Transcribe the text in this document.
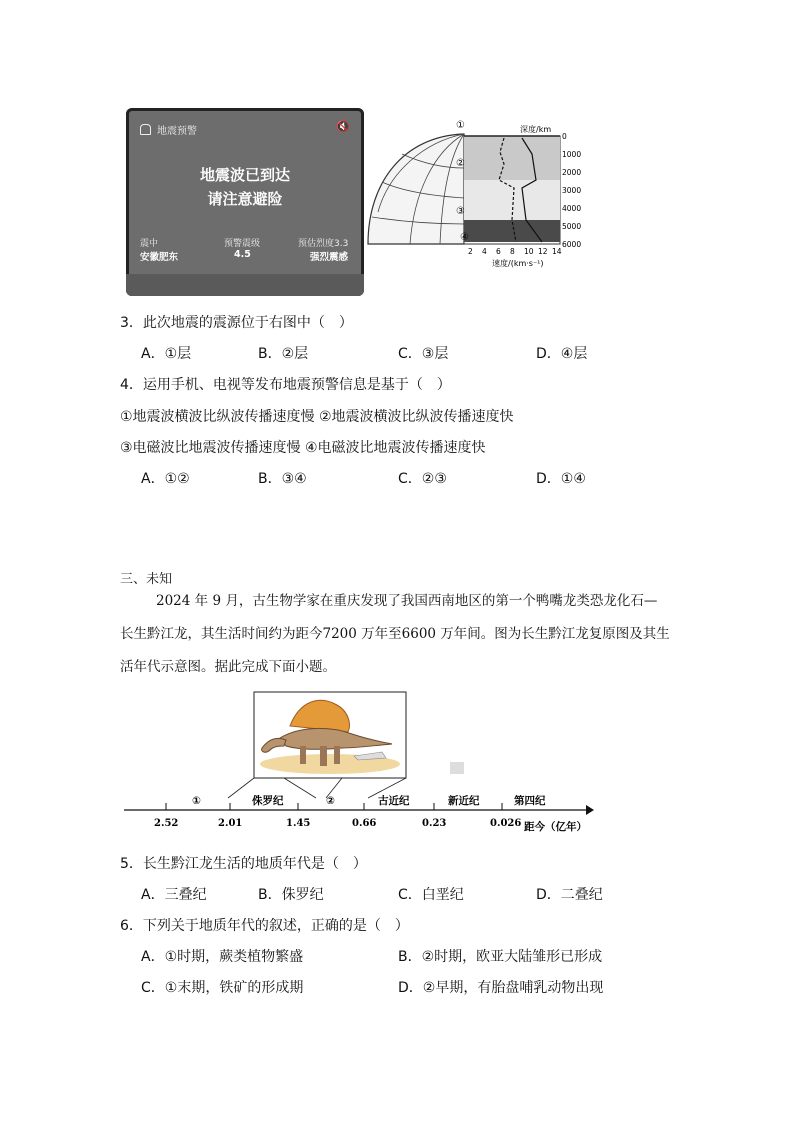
地震预警	🔇
地震波已到达
请注意避险
震中
安徽肥东
预警震级
4.5
预估烈度3.3
强烈震感
①
②
③
④
深度/km
0
1000
2000
3000
4000
5000
6000
2 4 6 8 10 12 14
速度/(km·s⁻¹)
3．此次地震的震源位于右图中（　）
A．①层	B．②层	C．③层	D．④层
4．运用手机、电视等发布地震预警信息是基于（　）
①地震波横波比纵波传播速度慢 ②地震波横波比纵波传播速度快
③电磁波比地震波传播速度慢 ④电磁波比地震波传播速度快
A．①②	B．③④	C．②③	D．①④
三、未知
2024 年 9 月，古生物学家在重庆发现了我国西南地区的第一个鸭嘴龙类恐龙化石—
长生黔江龙，其生活时间约为距今7200 万年至6600 万年间。图为长生黔江龙复原图及其生
活年代示意图。据此完成下面小题。
2.52	2.01	1.45	0.66	0.23	0.026
①	侏罗纪	②	古近纪	新近纪	第四纪
距今（亿年）
5．长生黔江龙生活的地质年代是（　）
A．三叠纪	B．侏罗纪	C．白垩纪	D．二叠纪
6．下列关于地质年代的叙述，正确的是（　）
A．①时期，蕨类植物繁盛	B．②时期，欧亚大陆雏形已形成
C．①末期，铁矿的形成期	D．②早期，有胎盘哺乳动物出现
